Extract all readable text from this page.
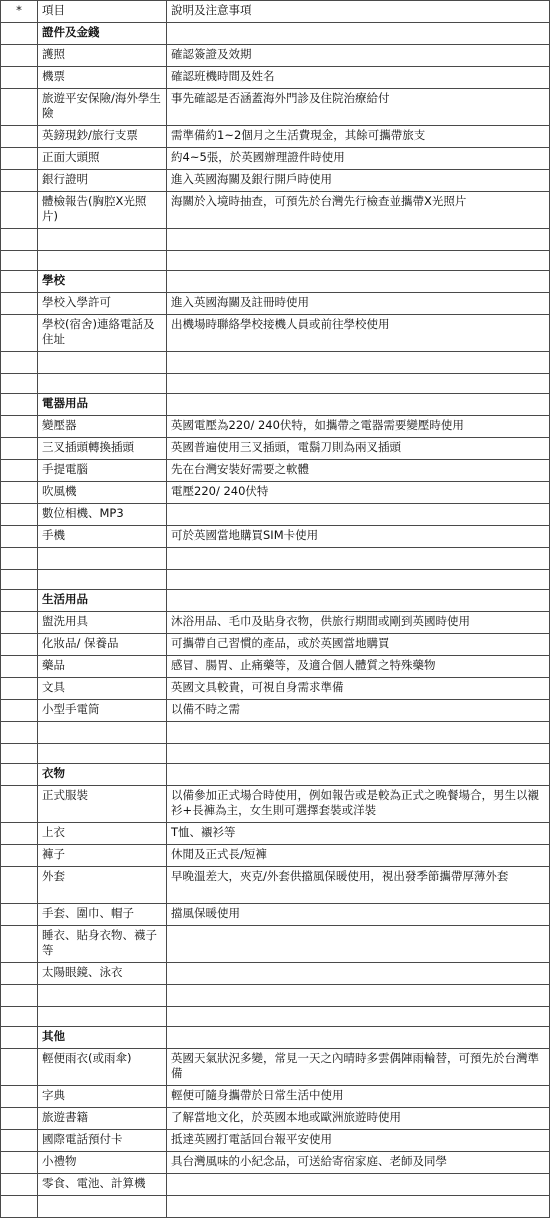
*	項目	說明及注意事項
	證件及金錢	
	護照	確認簽證及效期
	機票	確認班機時間及姓名
	旅遊平安保險/海外學生險	事先確認是否涵蓋海外門診及住院治療給付
	英鎊現鈔/旅行支票	需準備約1~2個月之生活費現金，其餘可攜帶旅支
	正面大頭照	約4~5張，於英國辦理證件時使用
	銀行證明	進入英國海關及銀行開戶時使用
	體檢報告(胸腔X光照片)	海關於入境時抽查，可預先於台灣先行檢查並攜帶X光照片

	學校	
	學校入學許可	進入英國海關及註冊時使用
	學校(宿舍)連絡電話及住址	出機場時聯絡學校接機人員或前往學校使用

	電器用品	
	變壓器	英國電壓為220/ 240伏特，如攜帶之電器需要變壓時使用
	三叉插頭轉換插頭	英國普遍使用三叉插頭，電鬍刀則為兩叉插頭
	手提電腦	先在台灣安裝好需要之軟體
	吹風機	電壓220/ 240伏特
	數位相機、MP3	
	手機	可於英國當地購買SIM卡使用

	生活用品	
	盥洗用具	沐浴用品、毛巾及貼身衣物，供旅行期間或剛到英國時使用
	化妝品/ 保養品	可攜帶自己習慣的產品，或於英國當地購買
	藥品	感冒、腸胃、止痛藥等，及適合個人體質之特殊藥物
	文具	英國文具較貴，可視自身需求準備
	小型手電筒	以備不時之需

	衣物	
	正式服裝	以備參加正式場合時使用，例如報告或是較為正式之晚餐場合，男生以襯衫+長褲為主，女生則可選擇套裝或洋裝
	上衣	T恤、襯衫等
	褲子	休閒及正式長/短褲
	外套	早晚溫差大，夾克/外套供擋風保暖使用，視出發季節攜帶厚薄外套
	手套、圍巾、帽子	擋風保暖使用
	睡衣、貼身衣物、襪子等	
	太陽眼鏡、泳衣	

	其他	
	輕便雨衣(或雨傘)	英國天氣狀況多變，常見一天之內晴時多雲偶陣雨輪替，可預先於台灣準備
	字典	輕便可隨身攜帶於日常生活中使用
	旅遊書籍	了解當地文化，於英國本地或歐洲旅遊時使用
	國際電話預付卡	抵達英國打電話回台報平安使用
	小禮物	具台灣風味的小紀念品，可送給寄宿家庭、老師及同學
	零食、電池、計算機	
